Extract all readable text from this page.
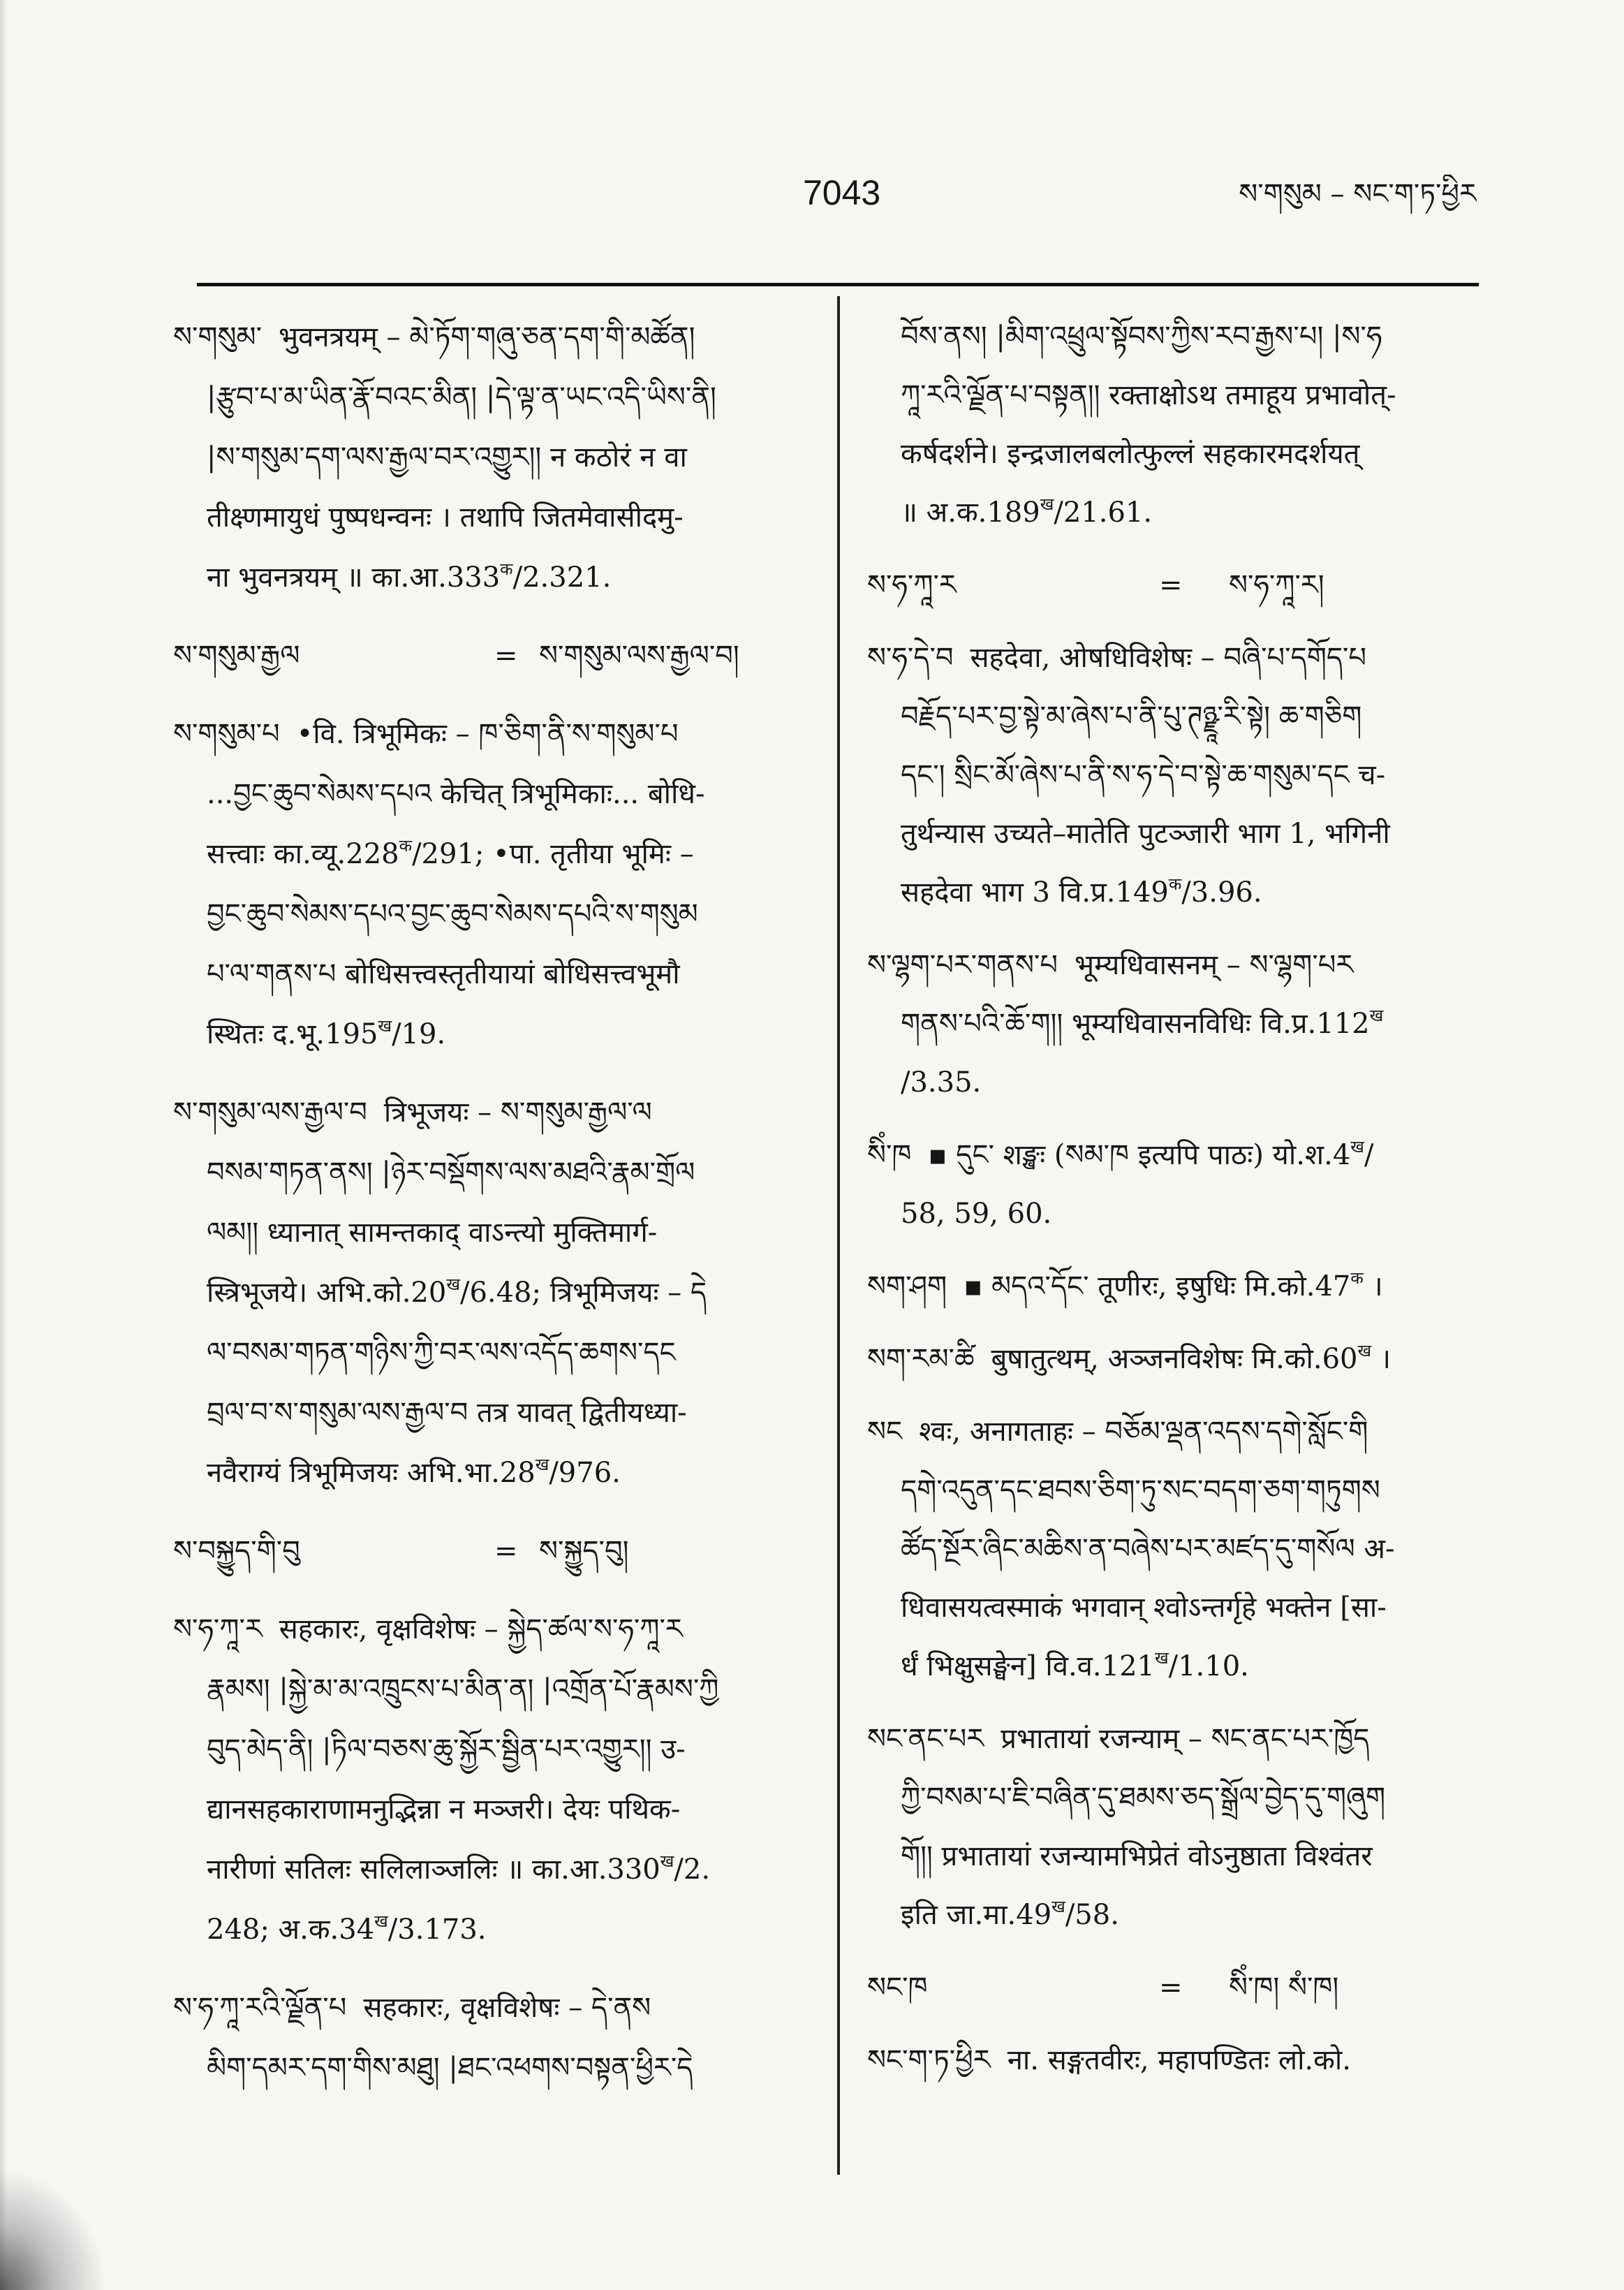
7043	ས་གསུམ – སང་ག་ཏ་ཕྱིར
ས་གསུམ་ भुवनत्रयम् – མེ་ཏོག་གཞུ་ཅན་དག་གི་མཚོན།
|རྩུབ་པ་མ་ཡིན་རྣོ་བའང་མིན། |དེ་ལྟ་ན་ཡང་འདི་ཡིས་ནི།
|ས་གསུམ་དག་ལས་རྒྱལ་བར་འགྱུར།། न कठोरं न वा
तीक्ष्णमायुधं पुष्पधन्वनः । तथापि जितमेवासीदमु-
ना भुवनत्रयम् ॥ $का.आ.333^क/2.321$.
ས་གསུམ་རྒྱལ	= ས་གསུམ་ལས་རྒྱལ་བ།
ས་གསུམ་པ •वि. त्रिभूमिकः – ཁ་ཅིག་ནི་ས་གསུམ་པ
...བྱང་ཆུབ་སེམས་དཔའ केचित् त्रिभूमिकाः... बोधि-
सत्त्वाः $का.व्यू.228^क/291$; •पा. तृतीया भूमिः –
བྱང་ཆུབ་སེམས་དཔའ་བྱང་ཆུབ་སེམས་དཔའི་ས་གསུམ
པ་ལ་གནས་པ बोधिसत्त्वस्तृतीयायां बोधिसत्त्वभूमौ
स्थितः $द.भू.195^ख/19$.
ས་གསུམ་ལས་རྒྱལ་བ त्रिभूजयः – ས་གསུམ་རྒྱལ་ལ
བསམ་གཏན་ནས། |ཉེར་བསྡོགས་ལས་མཐའི་རྣམ་གྲོལ
ལམ།། ध्यानात् सामन्तकाद् वाऽन्त्यो मुक्तिमार्ग-
स्त्रिभूजये। $अभि.को.20^ख/6.48$; त्रिभूमिजयः – དེ
ལ་བསམ་གཏན་གཉིས་ཀྱི་བར་ལས་འདོད་ཆགས་དང
བྲལ་བ་ས་གསུམ་ལས་རྒྱལ་བ तत्र यावत् द्वितीयध्या-
नवैराग्यं त्रिभूमिजयः $अभि.भा.28^ख/976$.
ས་བསྐྱུད་གི་བུ	= ས་སྐྱུད་བུ།
ས་ཧ་ཀཱ་ར सहकारः, वृक्षविशेषः – སྐྱེད་ཚལ་ས་ཧ་ཀཱ་ར
རྣམས། |སྐྱེ་མ་མ་འཁྲུངས་པ་མིན་ན། |འགྲོན་པོ་རྣམས་ཀྱི
བུད་མེད་ནི། |ཏིལ་བཅས་ཆུ་སྐྱོར་སྦྱིན་པར་འགྱུར།། उ-
द्यानसहकाराणामनुद्भिन्ना न मञ्जरी। देयः पथिक-
नारीणां सतिलः सलिलाञ्जलिः ॥ $का.आ.330^ख/2$.
248; $अ.क.34^ख/3.173$.
ས་ཧ་ཀཱ་རའི་ལྗོན་པ सहकारः, वृक्षविशेषः – དེ་ནས
མིག་དམར་དག་གིས་མཐུ། |ཐང་འཕགས་བསྟན་ཕྱིར་དེ
བོས་ནས། |མིག་འཕྲུལ་སྟོབས་ཀྱིས་རབ་རྒྱས་པ། |ས་ཧ
ཀཱ་རའི་ལྗོན་པ་བསྟན།། रक्ताक्षोऽथ तमाहूय प्रभावोत्-
कर्षदर्शने। इन्द्रजालबलोत्फुल्लं सहकारमदर्शयत्
॥ $अ.क.189^ख/21.61$.
ས་ཧ་ཀཱ་ར	= ས་ཧ་ཀཱ་ར།
ས་ཧ་དེ་བ सहदेवा, ओषधिविशेषः – བཞི་པ་དགོད་པ
བརྗོད་པར་བྱ་སྟེ་མ་ཞེས་པ་ནི་པུ་ཊཉྫཱ་རི་སྟེ། ཆ་གཅིག
དང་། སྲིང་མོ་ཞེས་པ་ནི་ས་ཧ་དེ་བ་སྟེ་ཆ་གསུམ་དང च-
तुर्थन्यास उच्यते–मातेति पुटञ्जारी भाग 1, भगिनी
सहदेवा भाग 3 $वि.प्र.149^क/3.96$.
ས་ལྷག་པར་གནས་པ भूम्यधिवासनम् – ས་ལྷག་པར
གནས་པའི་ཆོ་ག།། भूम्यधिवासनविधिः $वि.प्र.112^ख$
/3.35.
སིཾ་ཁ ▪ དུང་ शङ्खः (སམ་ཁ इत्यपि पाठः) $यो.श.4^ख/$
58, 59, 60.
སག་ཤག ▪ མདའ་དོང་ तूणीरः, इषुधिः $मि.को.47^क$ ।
སག་རམ་ཚི बुषातुत्थम्, अञ्जनविशेषः $मि.को.60^ख$ ।
སང श्वः, अनागताहः – བཅོམ་ལྡན་འདས་དགེ་སློང་གི
དགེ་འདུན་དང་ཐབས་ཅིག་ཏུ་སང་བདག་ཅག་གཏུགས
ཚོད་སྔོར་ཞིང་མཆིས་ན་བཞེས་པར་མཛད་དུ་གསོལ अ-
धिवासयत्वस्माकं भगवान् श्वोऽन्तर्गृहे भक्तेन [सा-
र्धं भिक्षुसङ्घेन] $वि.व.121^ख/1.10$.
སང་ནང་པར प्रभातायां रजन्याम् – སང་ནང་པར་ཁྱོད
ཀྱི་བསམ་པ་ཇི་བཞིན་དུ་ཐམས་ཅད་སྒྲོལ་བྱེད་དུ་གཞུག
གོ།། प्रभातायां रजन्यामभिप्रेतं वोऽनुष्ठाता विश्वंतर
इति $जा.मा.49^ख/58$.
སང་ཁ	= སིཾ་ཁ། སཾ་ཁ།
སང་ག་ཏ་ཕྱིར ना. सङ्गतवीरः, महापण्डितः लो.को.
